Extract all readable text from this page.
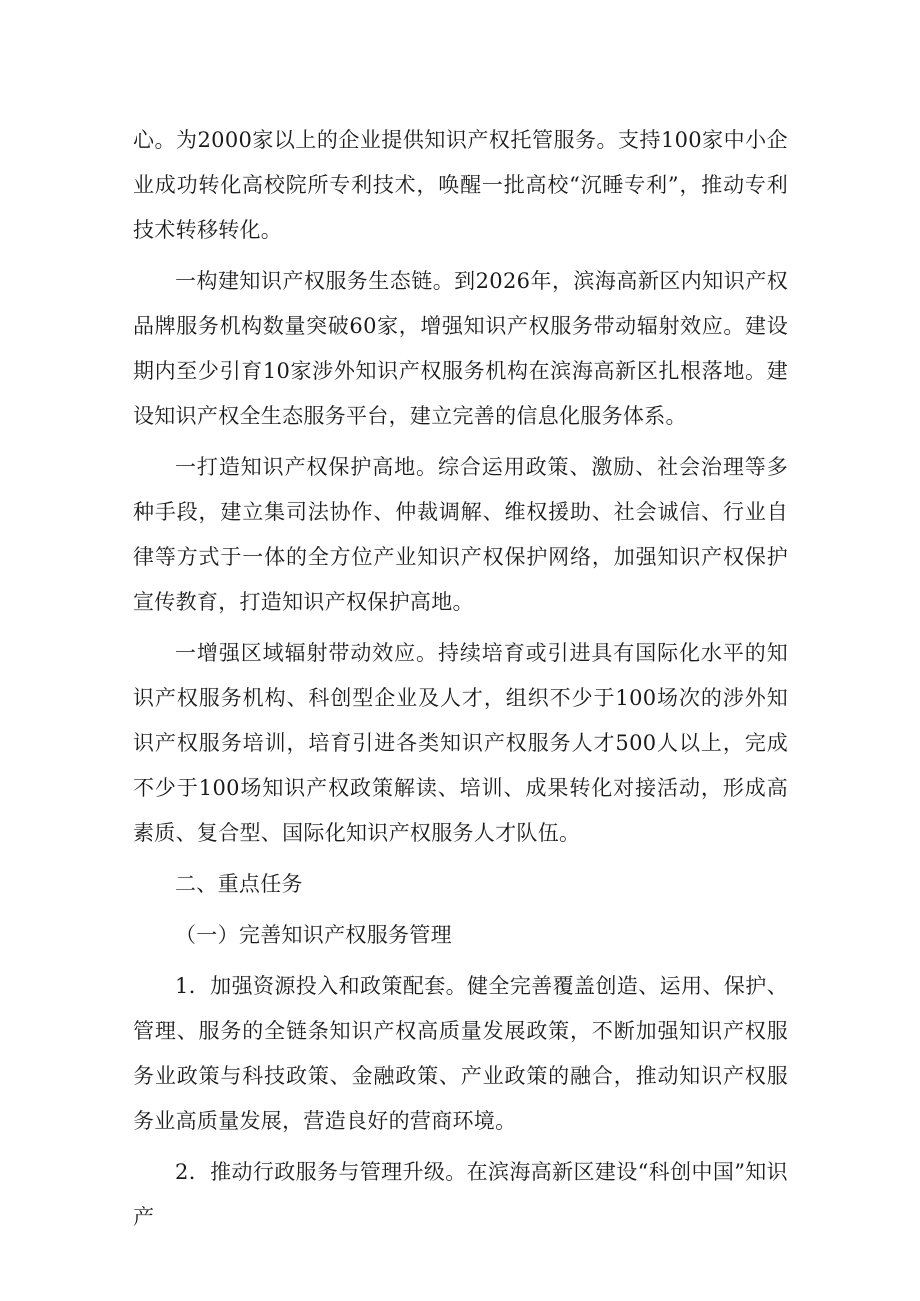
心。为2000家以上的企业提供知识产权托管服务。支持100家中小企业成功转化高校院所专利技术，唤醒一批高校“沉睡专利”，推动专利技术转移转化。

一构建知识产权服务生态链。到2026年，滨海高新区内知识产权品牌服务机构数量突破60家，增强知识产权服务带动辐射效应。建设期内至少引育10家涉外知识产权服务机构在滨海高新区扎根落地。建设知识产权全生态服务平台，建立完善的信息化服务体系。

一打造知识产权保护高地。综合运用政策、激励、社会治理等多种手段，建立集司法协作、仲裁调解、维权援助、社会诚信、行业自律等方式于一体的全方位产业知识产权保护网络，加强知识产权保护宣传教育，打造知识产权保护高地。

一增强区域辐射带动效应。持续培育或引进具有国际化水平的知识产权服务机构、科创型企业及人才，组织不少于100场次的涉外知识产权服务培训，培育引进各类知识产权服务人才500人以上，完成不少于100场知识产权政策解读、培训、成果转化对接活动，形成高素质、复合型、国际化知识产权服务人才队伍。

二、重点任务

（一）完善知识产权服务管理

1．加强资源投入和政策配套。健全完善覆盖创造、运用、保护、管理、服务的全链条知识产权高质量发展政策，不断加强知识产权服务业政策与科技政策、金融政策、产业政策的融合，推动知识产权服务业高质量发展，营造良好的营商环境。

2．推动行政服务与管理升级。在滨海高新区建设“科创中国”知识产
